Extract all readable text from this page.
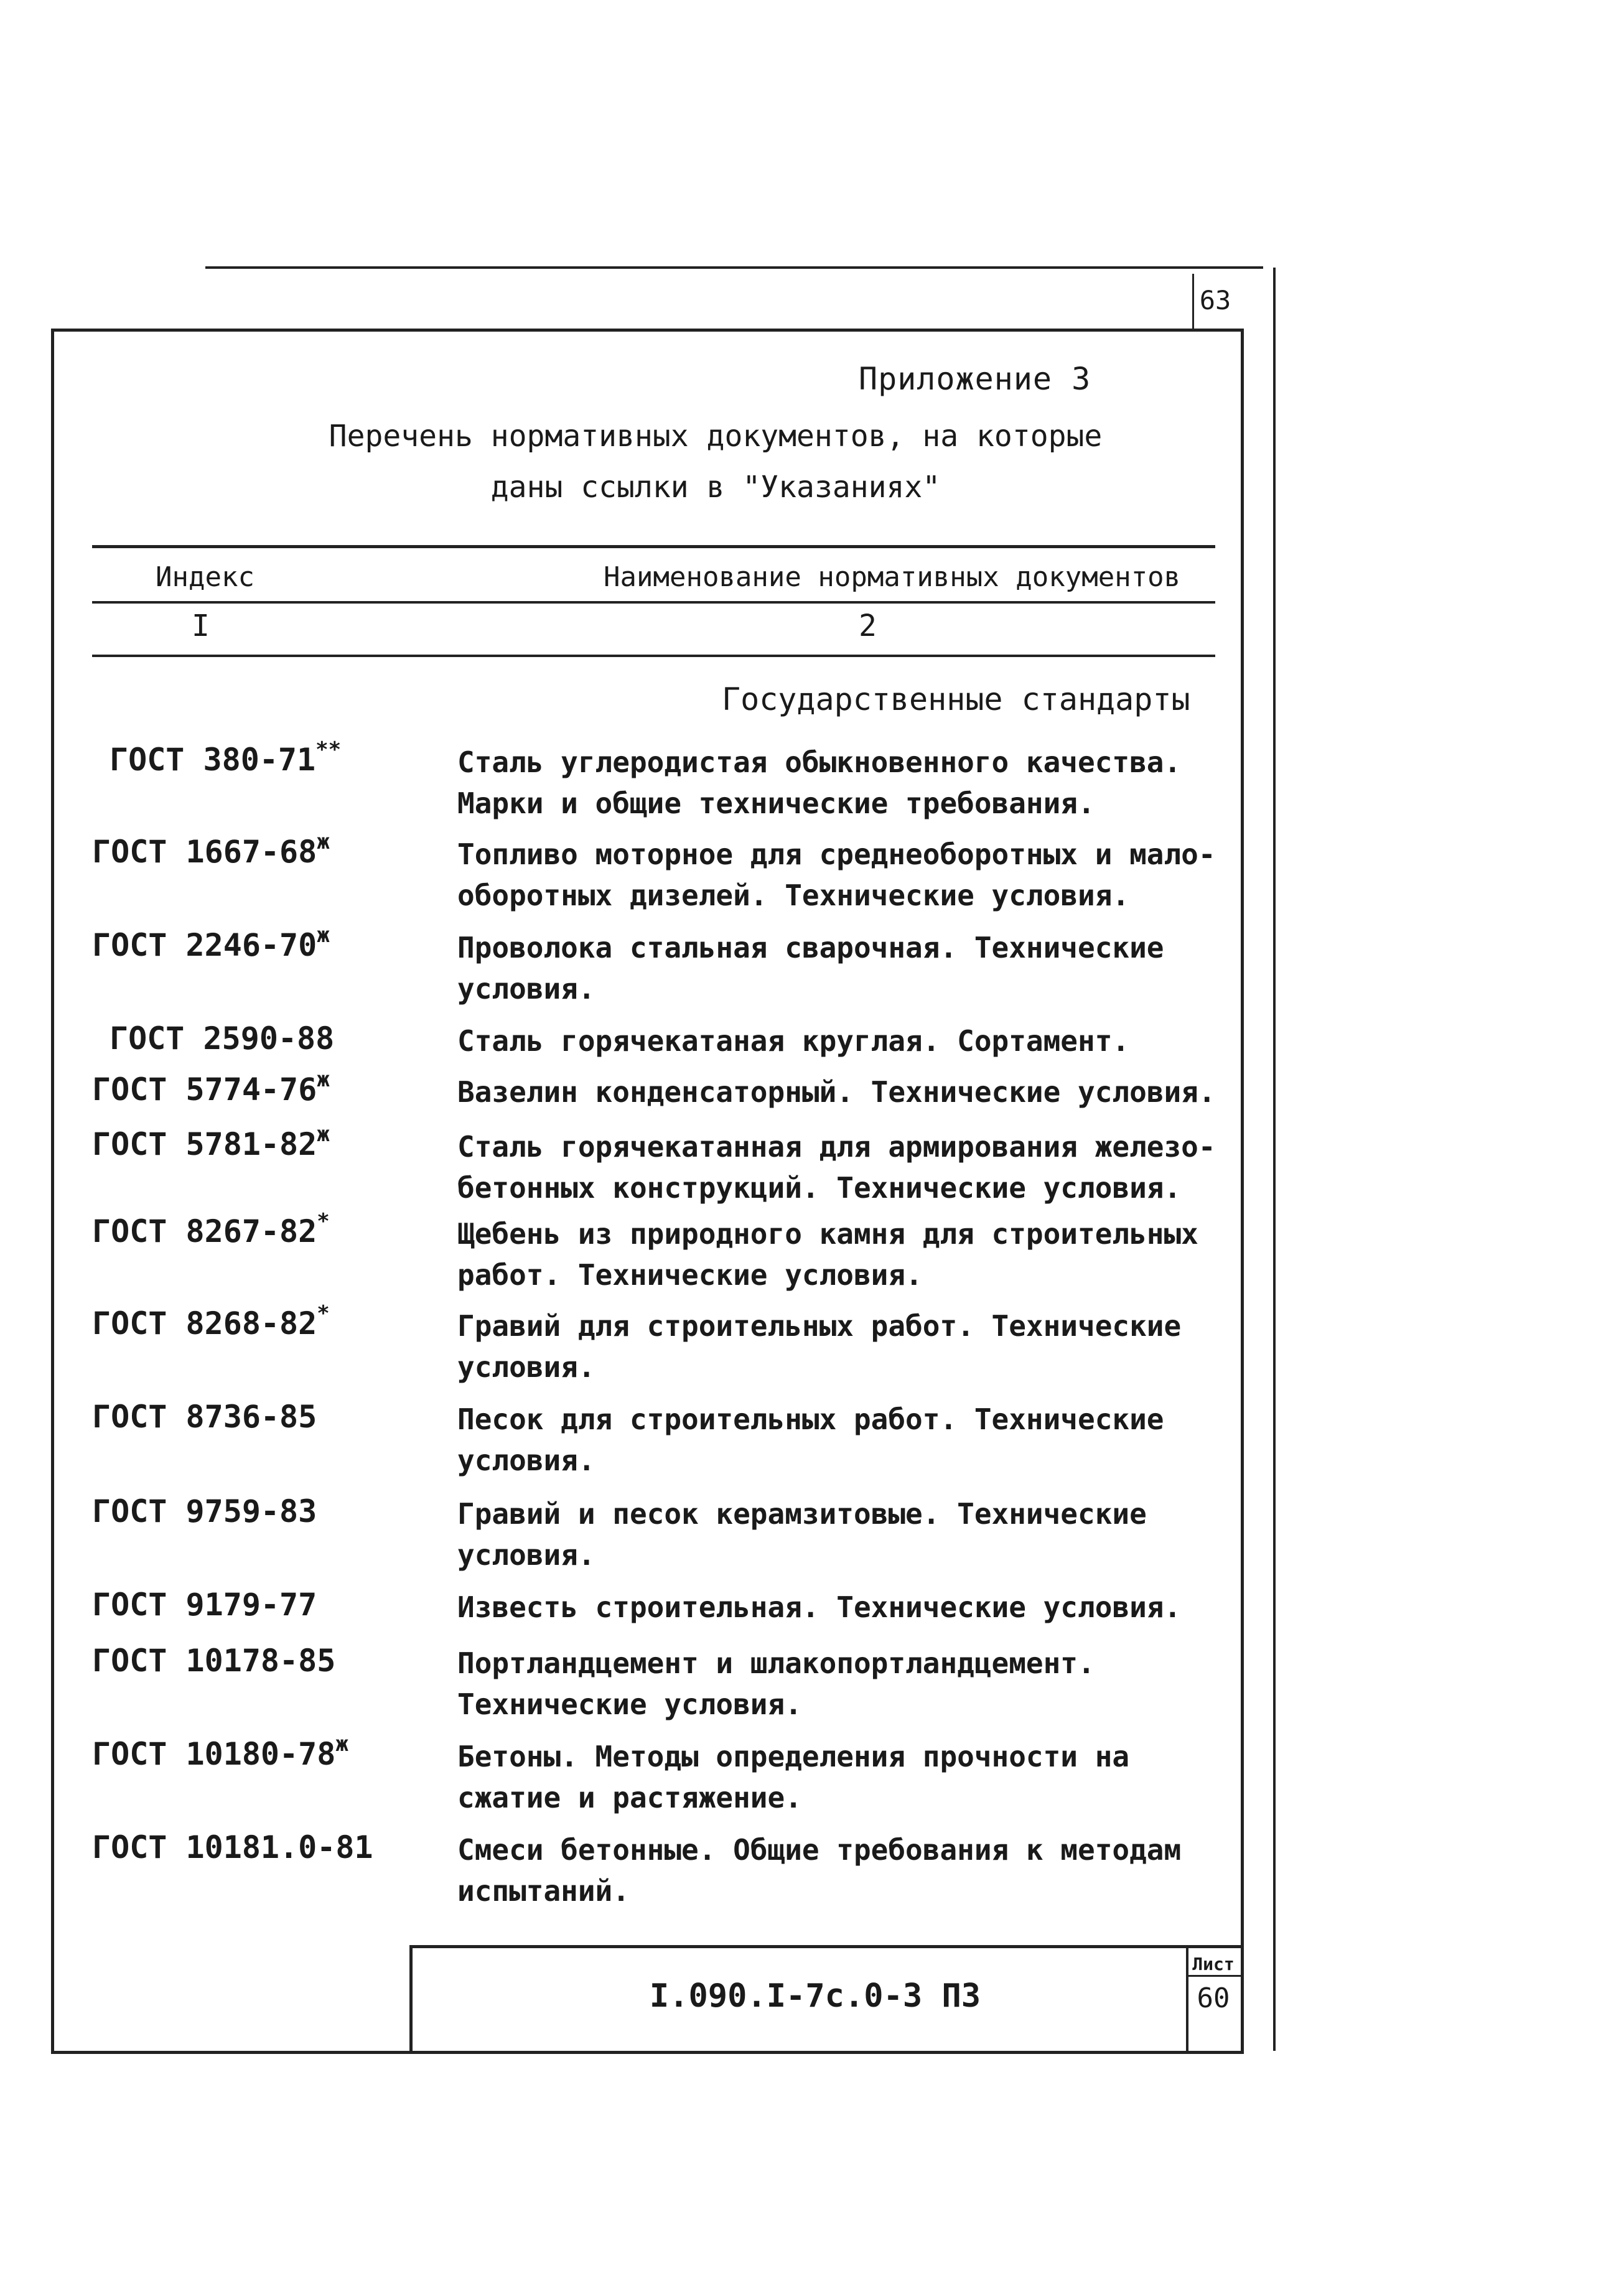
63
Приложение 3
Перечень нормативных документов, на которые
даны ссылки в "Указаниях"
Индекс	Наименование нормативных документов
I	2
Государственные стандарты
ГОСТ 380-71**	Сталь углеродистая обыкновенного качества. Марки и общие технические требования.
ГОСТ $1667-68^ж$	Топливо моторное для среднеоборотных и мало-оборотных дизелей. Технические условия.
ГОСТ $2246-70^ж$	Проволока стальная сварочная. Технические условия.
ГОСТ 2590-88	Сталь горячекатаная круглая. Сортамент.
ГОСТ $5774-76^ж$	Вазелин конденсаторный. Технические условия.
ГОСТ $5781-82^ж$	Сталь горячекатанная для армирования железо-бетонных конструкций. Технические условия.
ГОСТ 8267-82*	Щебень из природного камня для строительных работ. Технические условия.
ГОСТ 8268-82*	Гравий для строительных работ. Технические условия.
ГОСТ 8736-85	Песок для строительных работ. Технические условия.
ГОСТ 9759-83	Гравий и песок керамзитовые. Технические условия.
ГОСТ 9179-77	Известь строительная. Технические условия.
ГОСТ 10178-85	Портландцемент и шлакопортландцемент. Технические условия.
ГОСТ $10180-78^ж$	Бетоны. Методы определения прочности на сжатие и растяжение.
ГОСТ 10181.0-81	Смеси бетонные. Общие требования к методам испытаний.
I.090.I-7с.0-3 ПЗ
Лист
60
